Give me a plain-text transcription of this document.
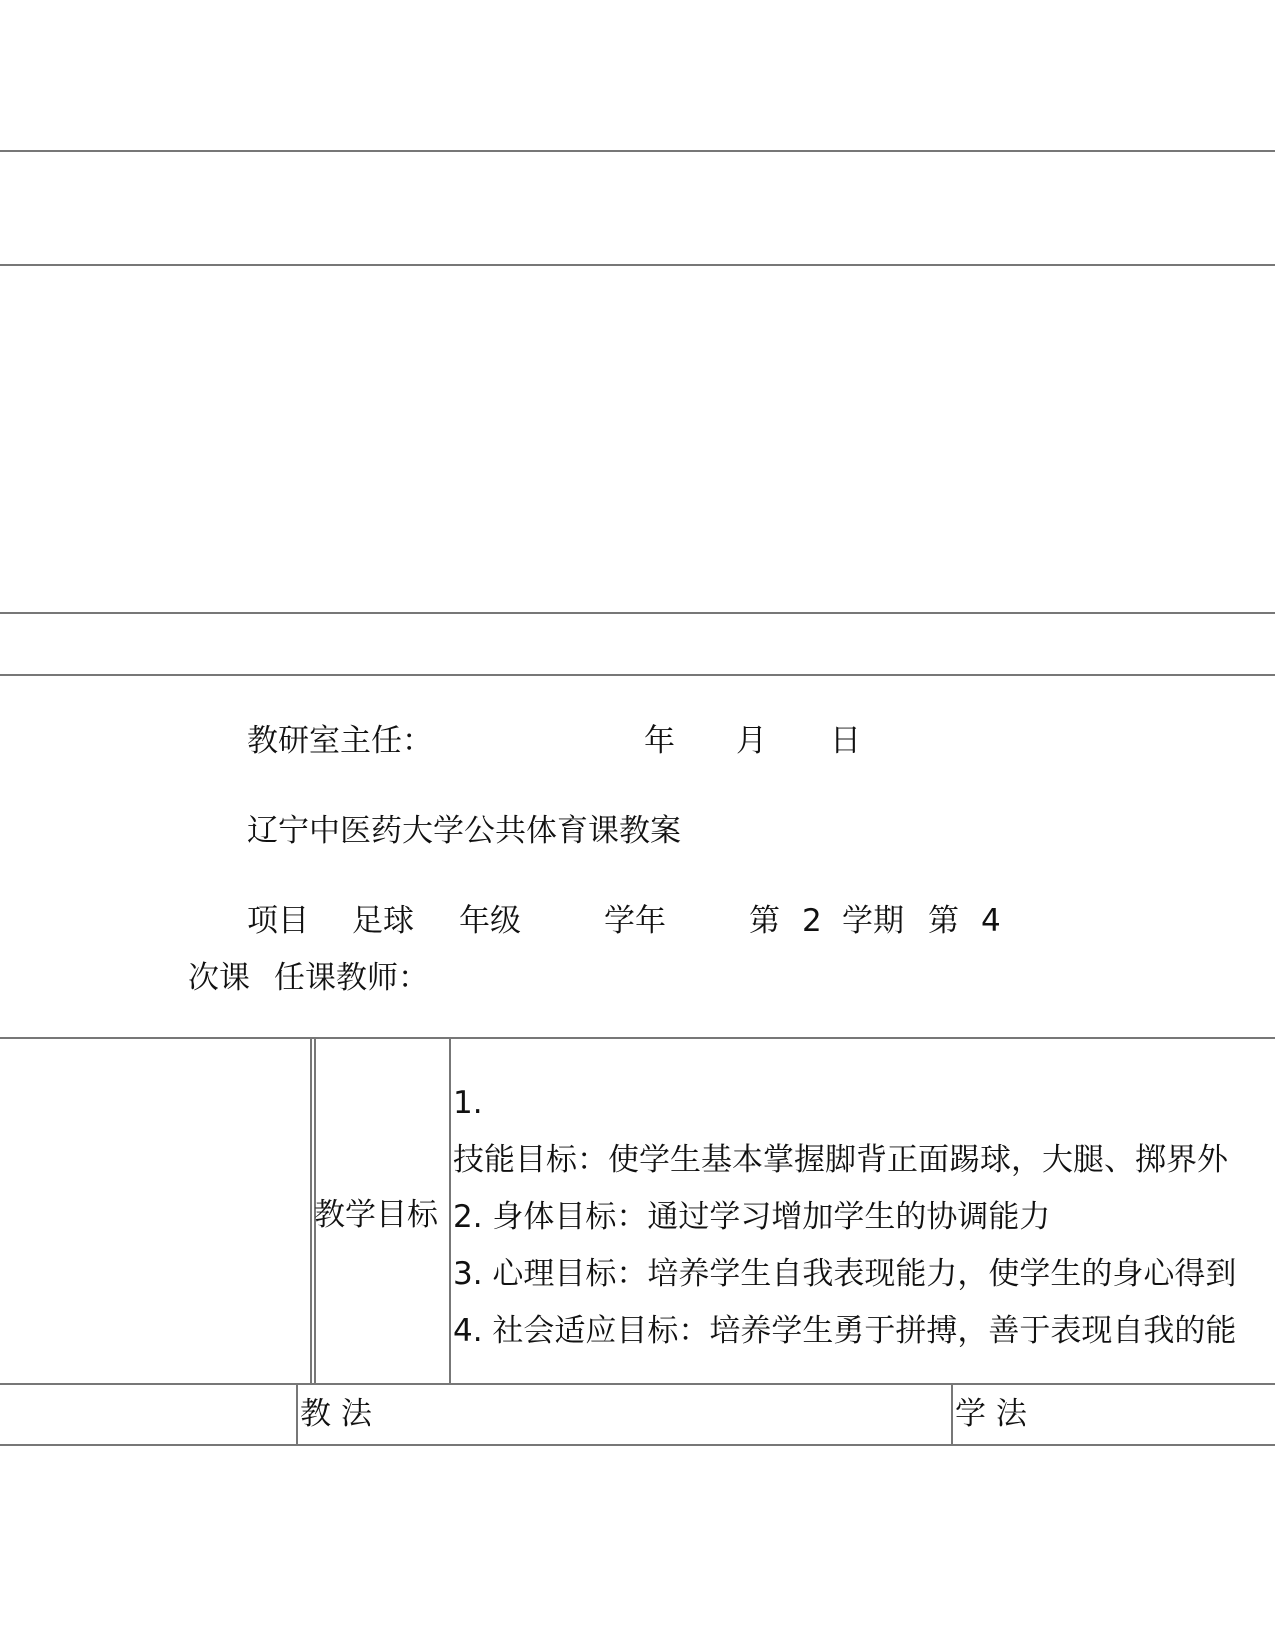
教研室主任：	年 月 日
辽宁中医药大学公共体育课教案
项目 足球 年级	学年	第 2 学期 第 4
次课 任课教师：
教学目标
1.
技能目标：使学生基本掌握脚背正面踢球，大腿、掷界外
2. 身体目标：通过学习增加学生的协调能力
3. 心理目标：培养学生自我表现能力，使学生的身心得到
4. 社会适应目标：培养学生勇于拼搏，善于表现自我的能
教 法	学 法
